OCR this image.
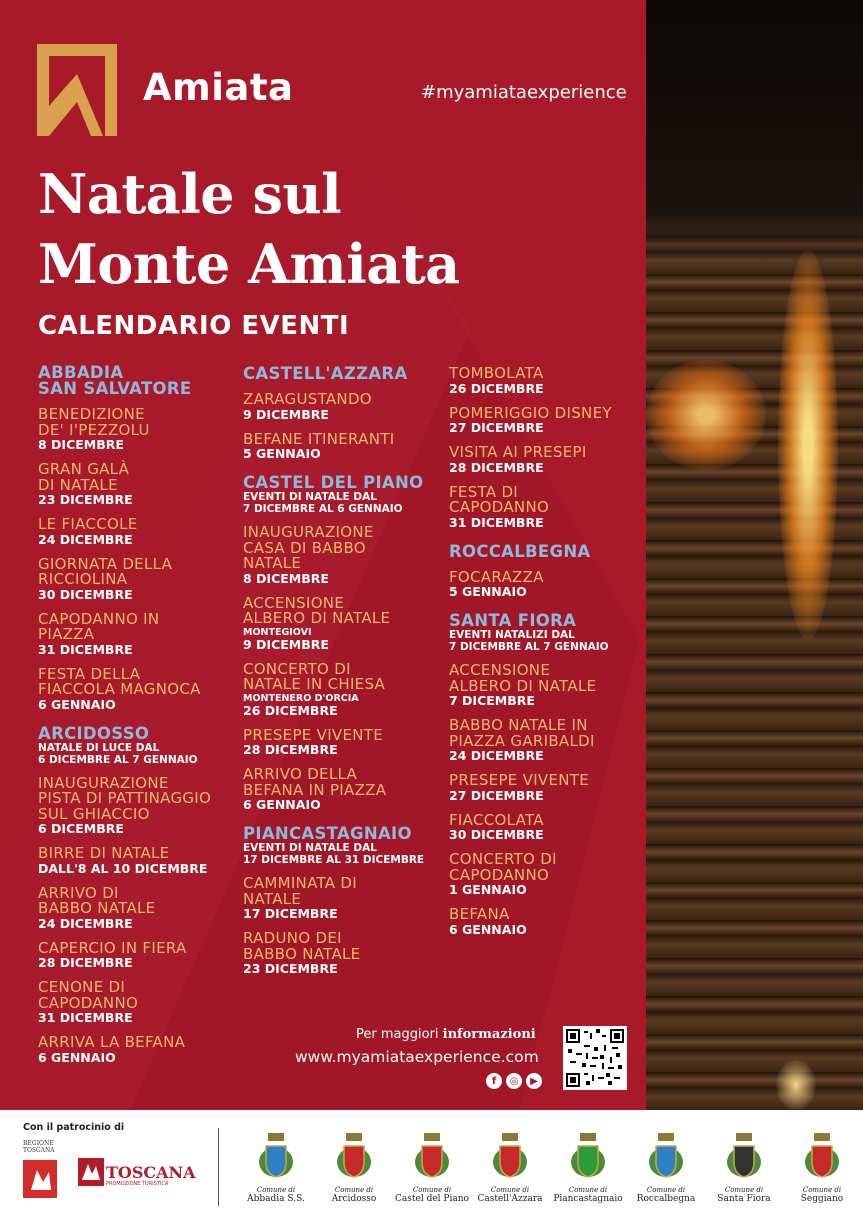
Amiata	#myamiataexperience
Natale sul
Monte Amiata
CALENDARIO EVENTI
ABBADIA
SAN SALVATORE
BENEDIZIONE
DE' I'PEZZOLU
8 DICEMBRE
GRAN GALÀ
DI NATALE
23 DICEMBRE
LE FIACCOLE
24 DICEMBRE
GIORNATA DELLA
RICCIOLINA
30 DICEMBRE
CAPODANNO IN
PIAZZA
31 DICEMBRE
FESTA DELLA
FIACCOLA MAGNOCA
6 GENNAIO
ARCIDOSSO
NATALE DI LUCE DAL
6 DICEMBRE AL 7 GENNAIO
INAUGURAZIONE
PISTA DI PATTINAGGIO
SUL GHIACCIO
6 DICEMBRE
BIRRE DI NATALE
DALL'8 AL 10 DICEMBRE
ARRIVO DI
BABBO NATALE
24 DICEMBRE
CAPERCIO IN FIERA
28 DICEMBRE
CENONE DI
CAPODANNO
31 DICEMBRE
ARRIVA LA BEFANA
6 GENNAIO
CASTELL'AZZARA
ZARAGUSTANDO
9 DICEMBRE
BEFANE ITINERANTI
5 GENNAIO
CASTEL DEL PIANO
EVENTI DI NATALE DAL
7 DICEMBRE AL 6 GENNAIO
INAUGURAZIONE
CASA DI BABBO
NATALE
8 DICEMBRE
ACCENSIONE
ALBERO DI NATALE
MONTEGIOVI
9 DICEMBRE
CONCERTO DI
NATALE IN CHIESA
MONTENERO D'ORCIA
26 DICEMBRE
PRESEPE VIVENTE
28 DICEMBRE
ARRIVO DELLA
BEFANA IN PIAZZA
6 GENNAIO
PIANCASTAGNAIO
EVENTI DI NATALE DAL
17 DICEMBRE AL 31 DICEMBRE
CAMMINATA DI
NATALE
17 DICEMBRE
RADUNO DEI
BABBO NATALE
23 DICEMBRE
TOMBOLATA
26 DICEMBRE
POMERIGGIO DISNEY
27 DICEMBRE
VISITA AI PRESEPI
28 DICEMBRE
FESTA DI
CAPODANNO
31 DICEMBRE
ROCCALBEGNA
FOCARAZZA
5 GENNAIO
SANTA FIORA
EVENTI NATALIZI DAL
7 DICEMBRE AL 7 GENNAIO
ACCENSIONE
ALBERO DI NATALE
7 DICEMBRE
BABBO NATALE IN
PIAZZA GARIBALDI
24 DICEMBRE
PRESEPE VIVENTE
27 DICEMBRE
FIACCOLATA
30 DICEMBRE
CONCERTO DI
CAPODANNO
1 GENNAIO
BEFANA
6 GENNAIO
Per maggiori informazioni
www.myamiataexperience.com
f	◎	▶
Con il patrocinio di
REGIONE
TOSCANA
TOSCANA
PROMOZIONE TURISTICA
Comune di
Abbadia S.S.
Comune di
Arcidosso
Comune di
Castel del Piano
Comune di
Castell'Azzara
Comune di
Piancastagnaio
Comune di
Roccalbegna
Comune di
Santa Fiora
Comune di
Seggiano
